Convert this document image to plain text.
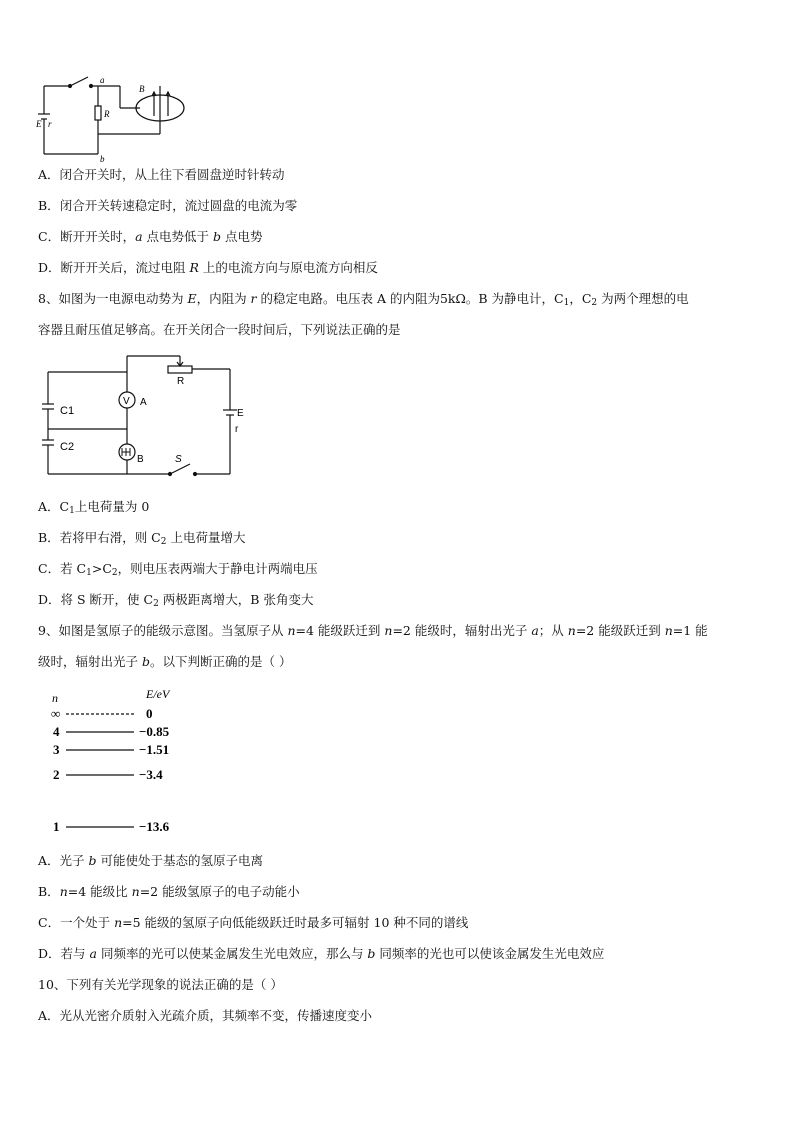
E r
R
a
b
B
A．闭合开关时，从上往下看圆盘逆时针转动
B．闭合开关转速稳定时，流过圆盘的电流为零
C．断开开关时，a 点电势低于 b 点电势
D．断开开关后，流过电阻 R 上的电流方向与原电流方向相反
8、如图为一电源电动势为 E，内阻为 r 的稳定电路。电压表 A 的内阻为5kΩ。B 为静电计，$C_1$，$C_2$ 为两个理想的电
容器且耐压值足够高。在开关闭合一段时间后，下列说法正确的是
V
C1
C2
A
B
R
E
r
S
A．$C_1$上电荷量为 0
B．若将甲右滑，则 $C_2$ 上电荷量增大
C．若 $C_1>C_2$，则电压表两端大于静电计两端电压
D．将 S 断开，使 $C_2$ 两极距离增大，B 张角变大
9、如图是氢原子的能级示意图。当氢原子从 n=4 能级跃迁到 n=2 能级时，辐射出光子 a；从 n=2 能级跃迁到 n=1 能
级时，辐射出光子 b。以下判断正确的是（ ）
n	E/eV
∞	0
4	−0.85
3	−1.51
2	−3.4
1	−13.6
A．光子 b 可能使处于基态的氢原子电离
B．n=4 能级比 n=2 能级氢原子的电子动能小
C．一个处于 n=5 能级的氢原子向低能级跃迁时最多可辐射 10 种不同的谱线
D．若与 a 同频率的光可以使某金属发生光电效应，那么与 b 同频率的光也可以使该金属发生光电效应
10、下列有关光学现象的说法正确的是（ ）
A．光从光密介质射入光疏介质，其频率不变，传播速度变小
